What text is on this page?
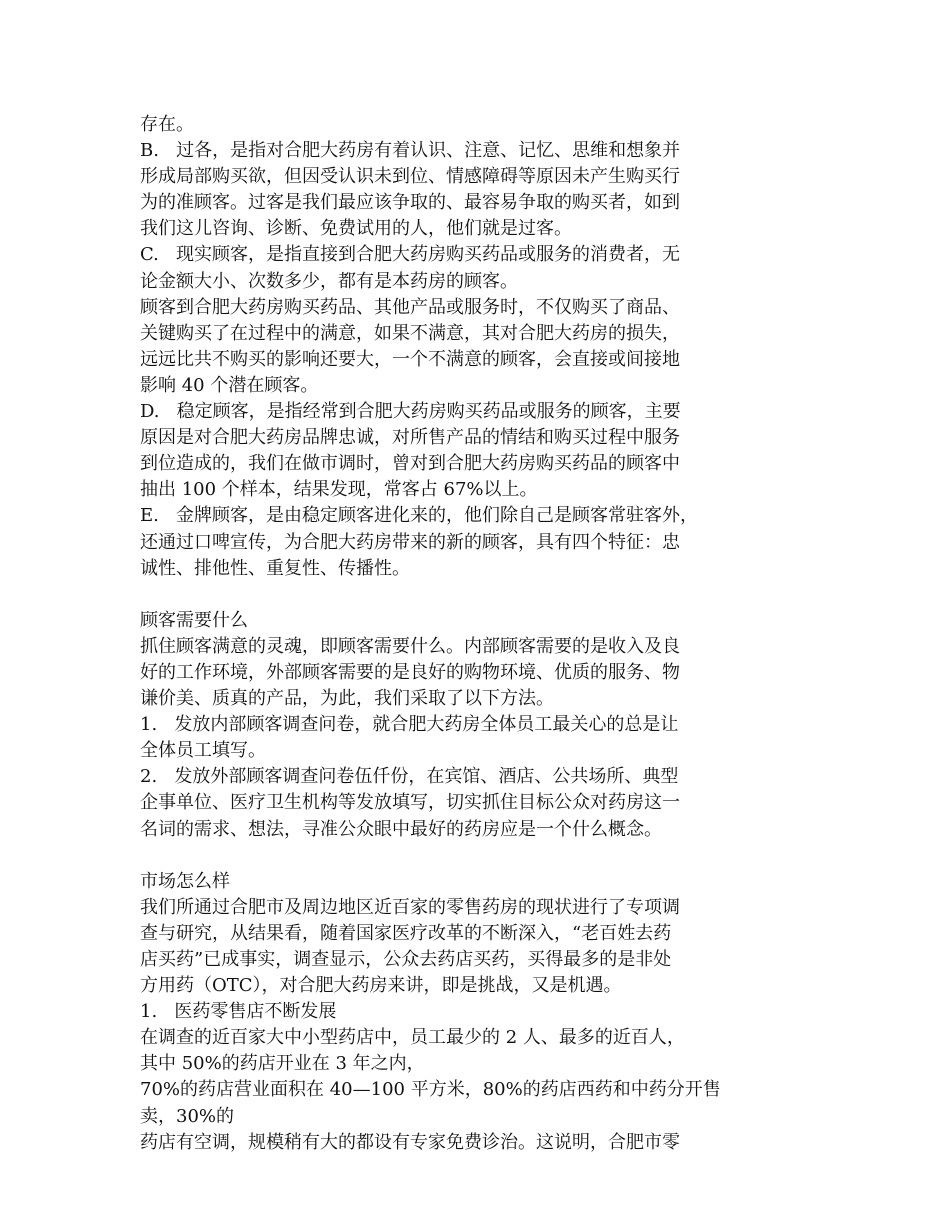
存在。
B.   过各，是指对合肥大药房有着认识、注意、记忆、思维和想象并
形成局部购买欲，但因受认识未到位、情感障碍等原因未产生购买行
为的准顾客。过客是我们最应该争取的、最容易争取的购买者，如到
我们这儿咨询、诊断、免费试用的人，他们就是过客。
C.   现实顾客，是指直接到合肥大药房购买药品或服务的消费者，无
论金额大小、次数多少，都有是本药房的顾客。
顾客到合肥大药房购买药品、其他产品或服务时，不仅购买了商品、
关键购买了在过程中的满意，如果不满意，其对合肥大药房的损失，
远远比共不购买的影响还要大，一个不满意的顾客，会直接或间接地
影响 40 个潜在顾客。
D.   稳定顾客，是指经常到合肥大药房购买药品或服务的顾客，主要
原因是对合肥大药房品牌忠诚，对所售产品的情结和购买过程中服务
到位造成的，我们在做市调时，曾对到合肥大药房购买药品的顾客中
抽出 100 个样本，结果发现，常客占 67%以上。
E.   金牌顾客，是由稳定顾客进化来的，他们除自己是顾客常驻客外，
还通过口啤宣传，为合肥大药房带来的新的顾客，具有四个特征：忠
诚性、排他性、重复性、传播性。
顾客需要什么
抓住顾客满意的灵魂，即顾客需要什么。内部顾客需要的是收入及良
好的工作环境，外部顾客需要的是良好的购物环境、优质的服务、物
谦价美、质真的产品，为此，我们采取了以下方法。
1.   发放内部顾客调查问卷，就合肥大药房全体员工最关心的总是让
全体员工填写。
2.   发放外部顾客调查问卷伍仟份，在宾馆、酒店、公共场所、典型
企事单位、医疗卫生机构等发放填写，切实抓住目标公众对药房这一
名词的需求、想法，寻准公众眼中最好的药房应是一个什么概念。
市场怎么样
我们所通过合肥市及周边地区近百家的零售药房的现状进行了专项调
查与研究，从结果看，随着国家医疗改革的不断深入，“老百姓去药
店买药”已成事实，调查显示，公众去药店买药，买得最多的是非处
方用药（OTC），对合肥大药房来讲，即是挑战，又是机遇。
1.   医药零售店不断发展
在调查的近百家大中小型药店中，员工最少的 2 人、最多的近百人，
其中 50%的药店开业在 3 年之内，
70%的药店营业面积在 40—100 平方米，80%的药店西药和中药分开售
卖，30%的
药店有空调，规模稍有大的都设有专家免费诊治。这说明，合肥市零
